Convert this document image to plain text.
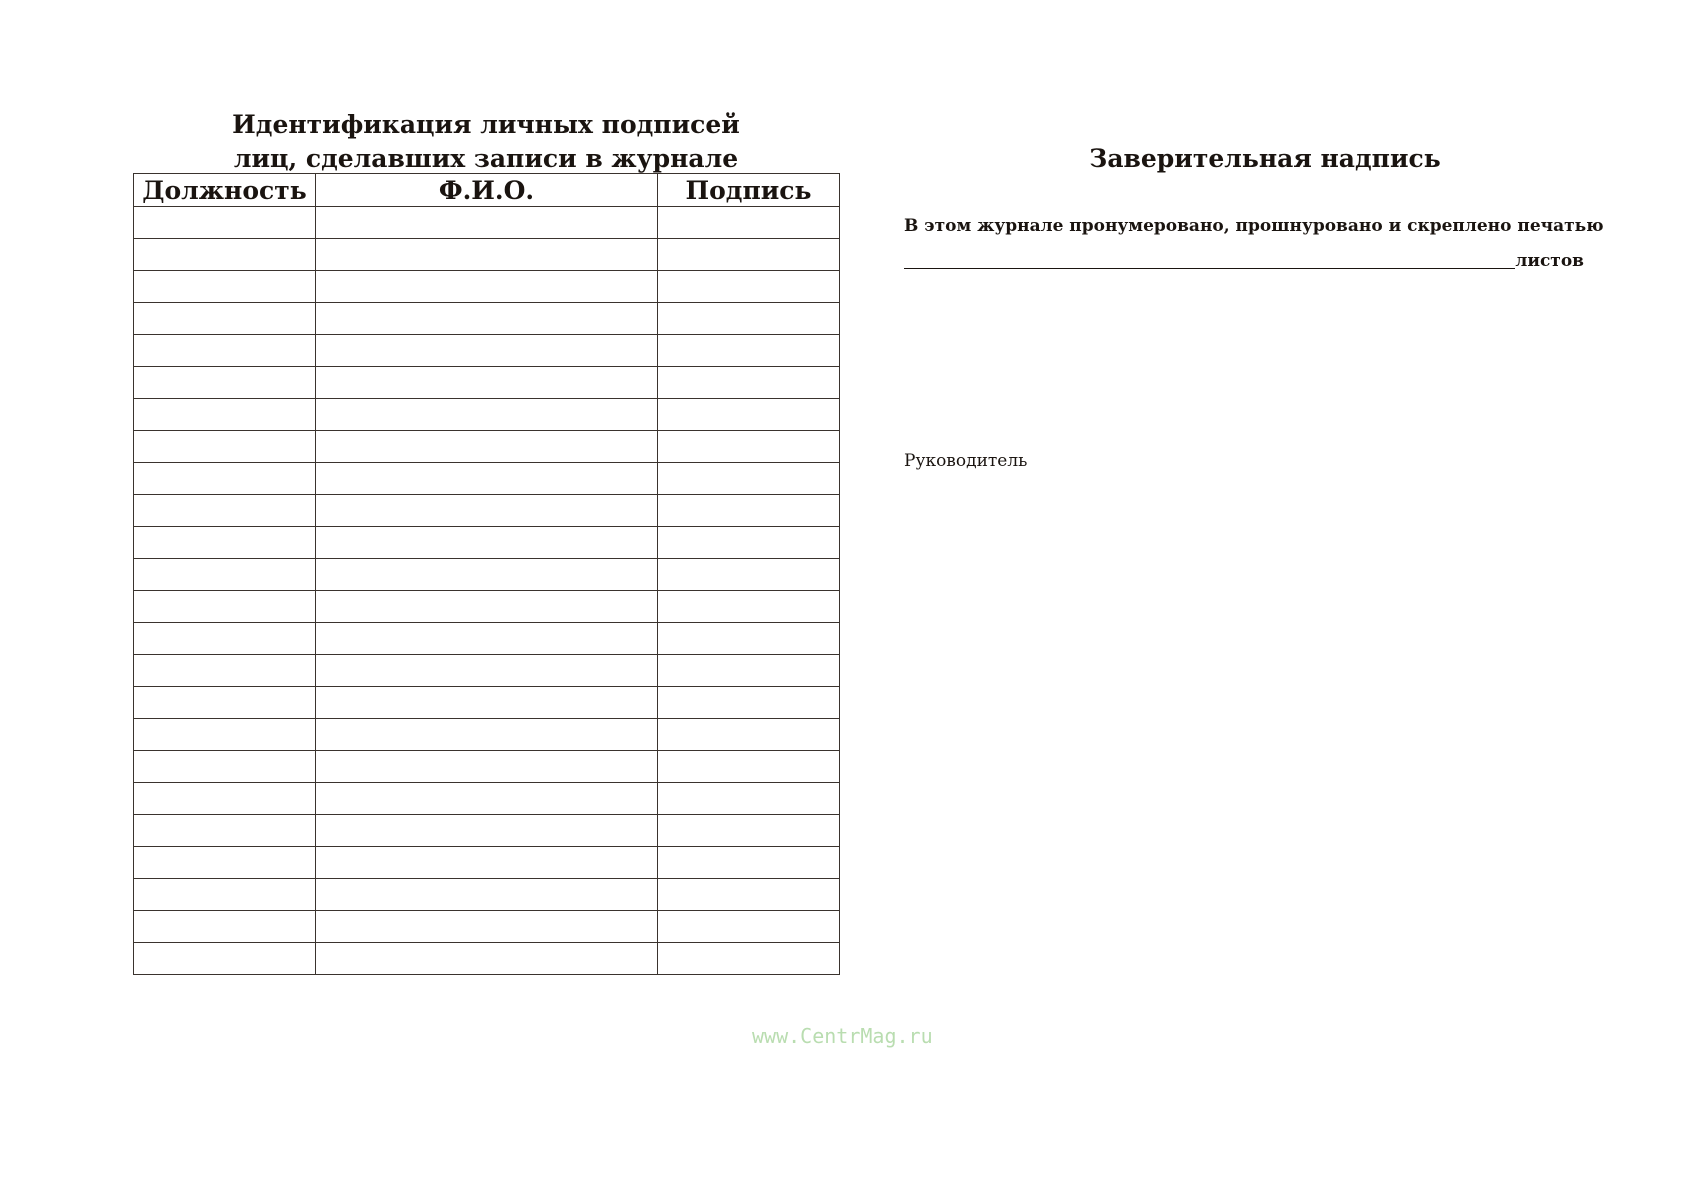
Идентификация личных подписей
лиц, сделавших записи в журнале
Должность	Ф.И.О.	Подпись

Заверительная надпись
В этом журнале пронумеровано, прошнуровано и скреплено печатью
листов
Руководитель
www.CentrMag.ru
